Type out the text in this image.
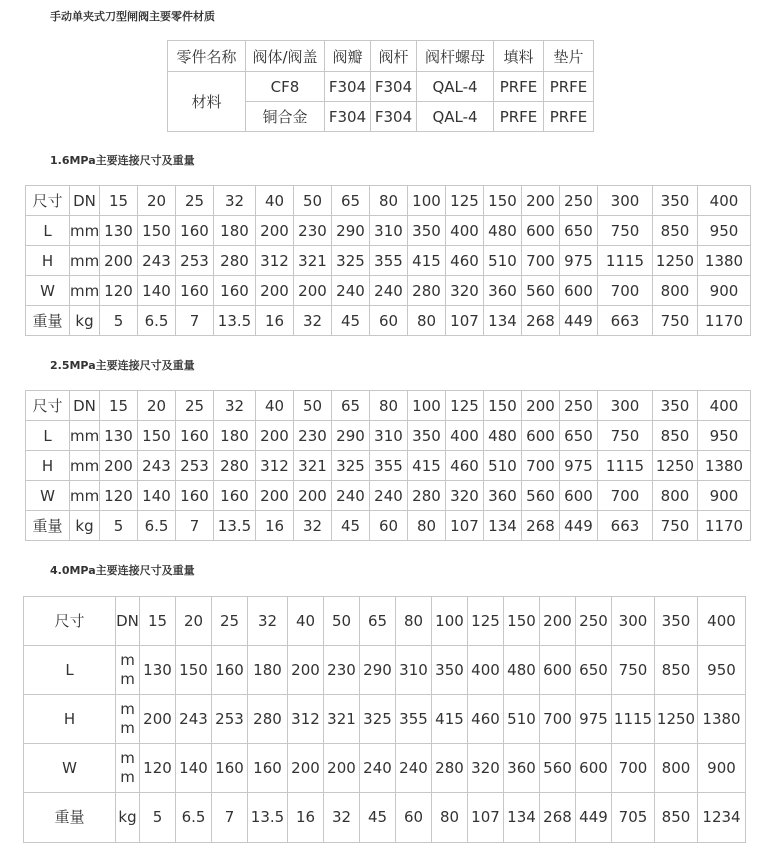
手动单夹式刀型闸阀主要零件材质
零件名称	阀体/阀盖	阀瓣	阀杆	阀杆螺母	填料	垫片
材料	CF8	F304	F304	QAL-4	PRFE	PRFE
	铜合金	F304	F304	QAL-4	PRFE	PRFE
1.6MPa主要连接尺寸及重量
尺寸	DN	15	20	25	32	40	50	65	80	100	125	150	200	250	300	350	400
L	mm	130	150	160	180	200	230	290	310	350	400	480	600	650	750	850	950
H	mm	200	243	253	280	312	321	325	355	415	460	510	700	975	1115	1250	1380
W	mm	120	140	160	160	200	200	240	240	280	320	360	560	600	700	800	900
重量	kg	5	6.5	7	13.5	16	32	45	60	80	107	134	268	449	663	750	1170
2.5MPa主要连接尺寸及重量
尺寸	DN	15	20	25	32	40	50	65	80	100	125	150	200	250	300	350	400
L	mm	130	150	160	180	200	230	290	310	350	400	480	600	650	750	850	950
H	mm	200	243	253	280	312	321	325	355	415	460	510	700	975	1115	1250	1380
W	mm	120	140	160	160	200	200	240	240	280	320	360	560	600	700	800	900
重量	kg	5	6.5	7	13.5	16	32	45	60	80	107	134	268	449	663	750	1170
4.0MPa主要连接尺寸及重量
尺寸	DN	15	20	25	32	40	50	65	80	100	125	150	200	250	300	350	400
L	mm	130	150	160	180	200	230	290	310	350	400	480	600	650	750	850	950
H	mm	200	243	253	280	312	321	325	355	415	460	510	700	975	1115	1250	1380
W	mm	120	140	160	160	200	200	240	240	280	320	360	560	600	700	800	900
重量	kg	5	6.5	7	13.5	16	32	45	60	80	107	134	268	449	705	850	1234
